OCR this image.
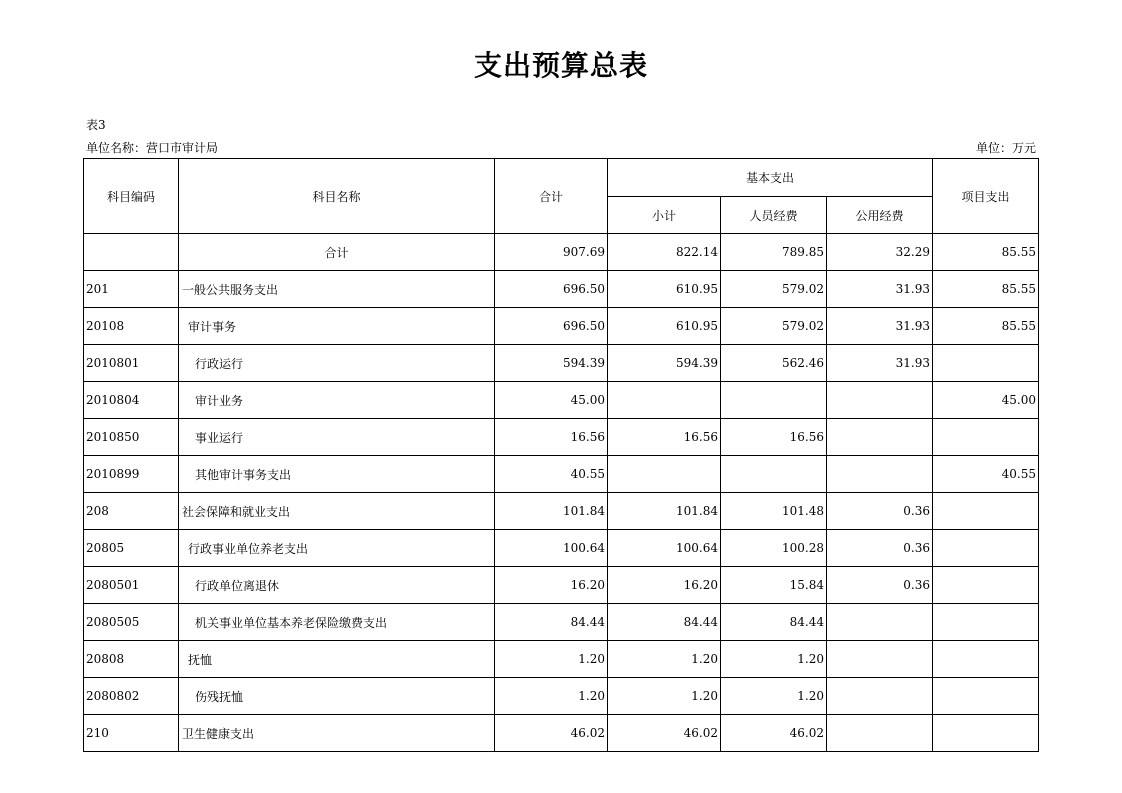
支出预算总表
表3
单位名称：营口市审计局	单位：万元
科目编码	科目名称	合计	基本支出			项目支出
			小计	人员经费	公用经费	
	合计	907.69	822.14	789.85	32.29	85.55
201	一般公共服务支出	696.50	610.95	579.02	31.93	85.55
20108	审计事务	696.50	610.95	579.02	31.93	85.55
2010801	行政运行	594.39	594.39	562.46	31.93	
2010804	审计业务	45.00				45.00
2010850	事业运行	16.56	16.56	16.56		
2010899	其他审计事务支出	40.55				40.55
208	社会保障和就业支出	101.84	101.84	101.48	0.36	
20805	行政事业单位养老支出	100.64	100.64	100.28	0.36	
2080501	行政单位离退休	16.20	16.20	15.84	0.36	
2080505	机关事业单位基本养老保险缴费支出	84.44	84.44	84.44		
20808	抚恤	1.20	1.20	1.20		
2080802	伤残抚恤	1.20	1.20	1.20		
210	卫生健康支出	46.02	46.02	46.02		
